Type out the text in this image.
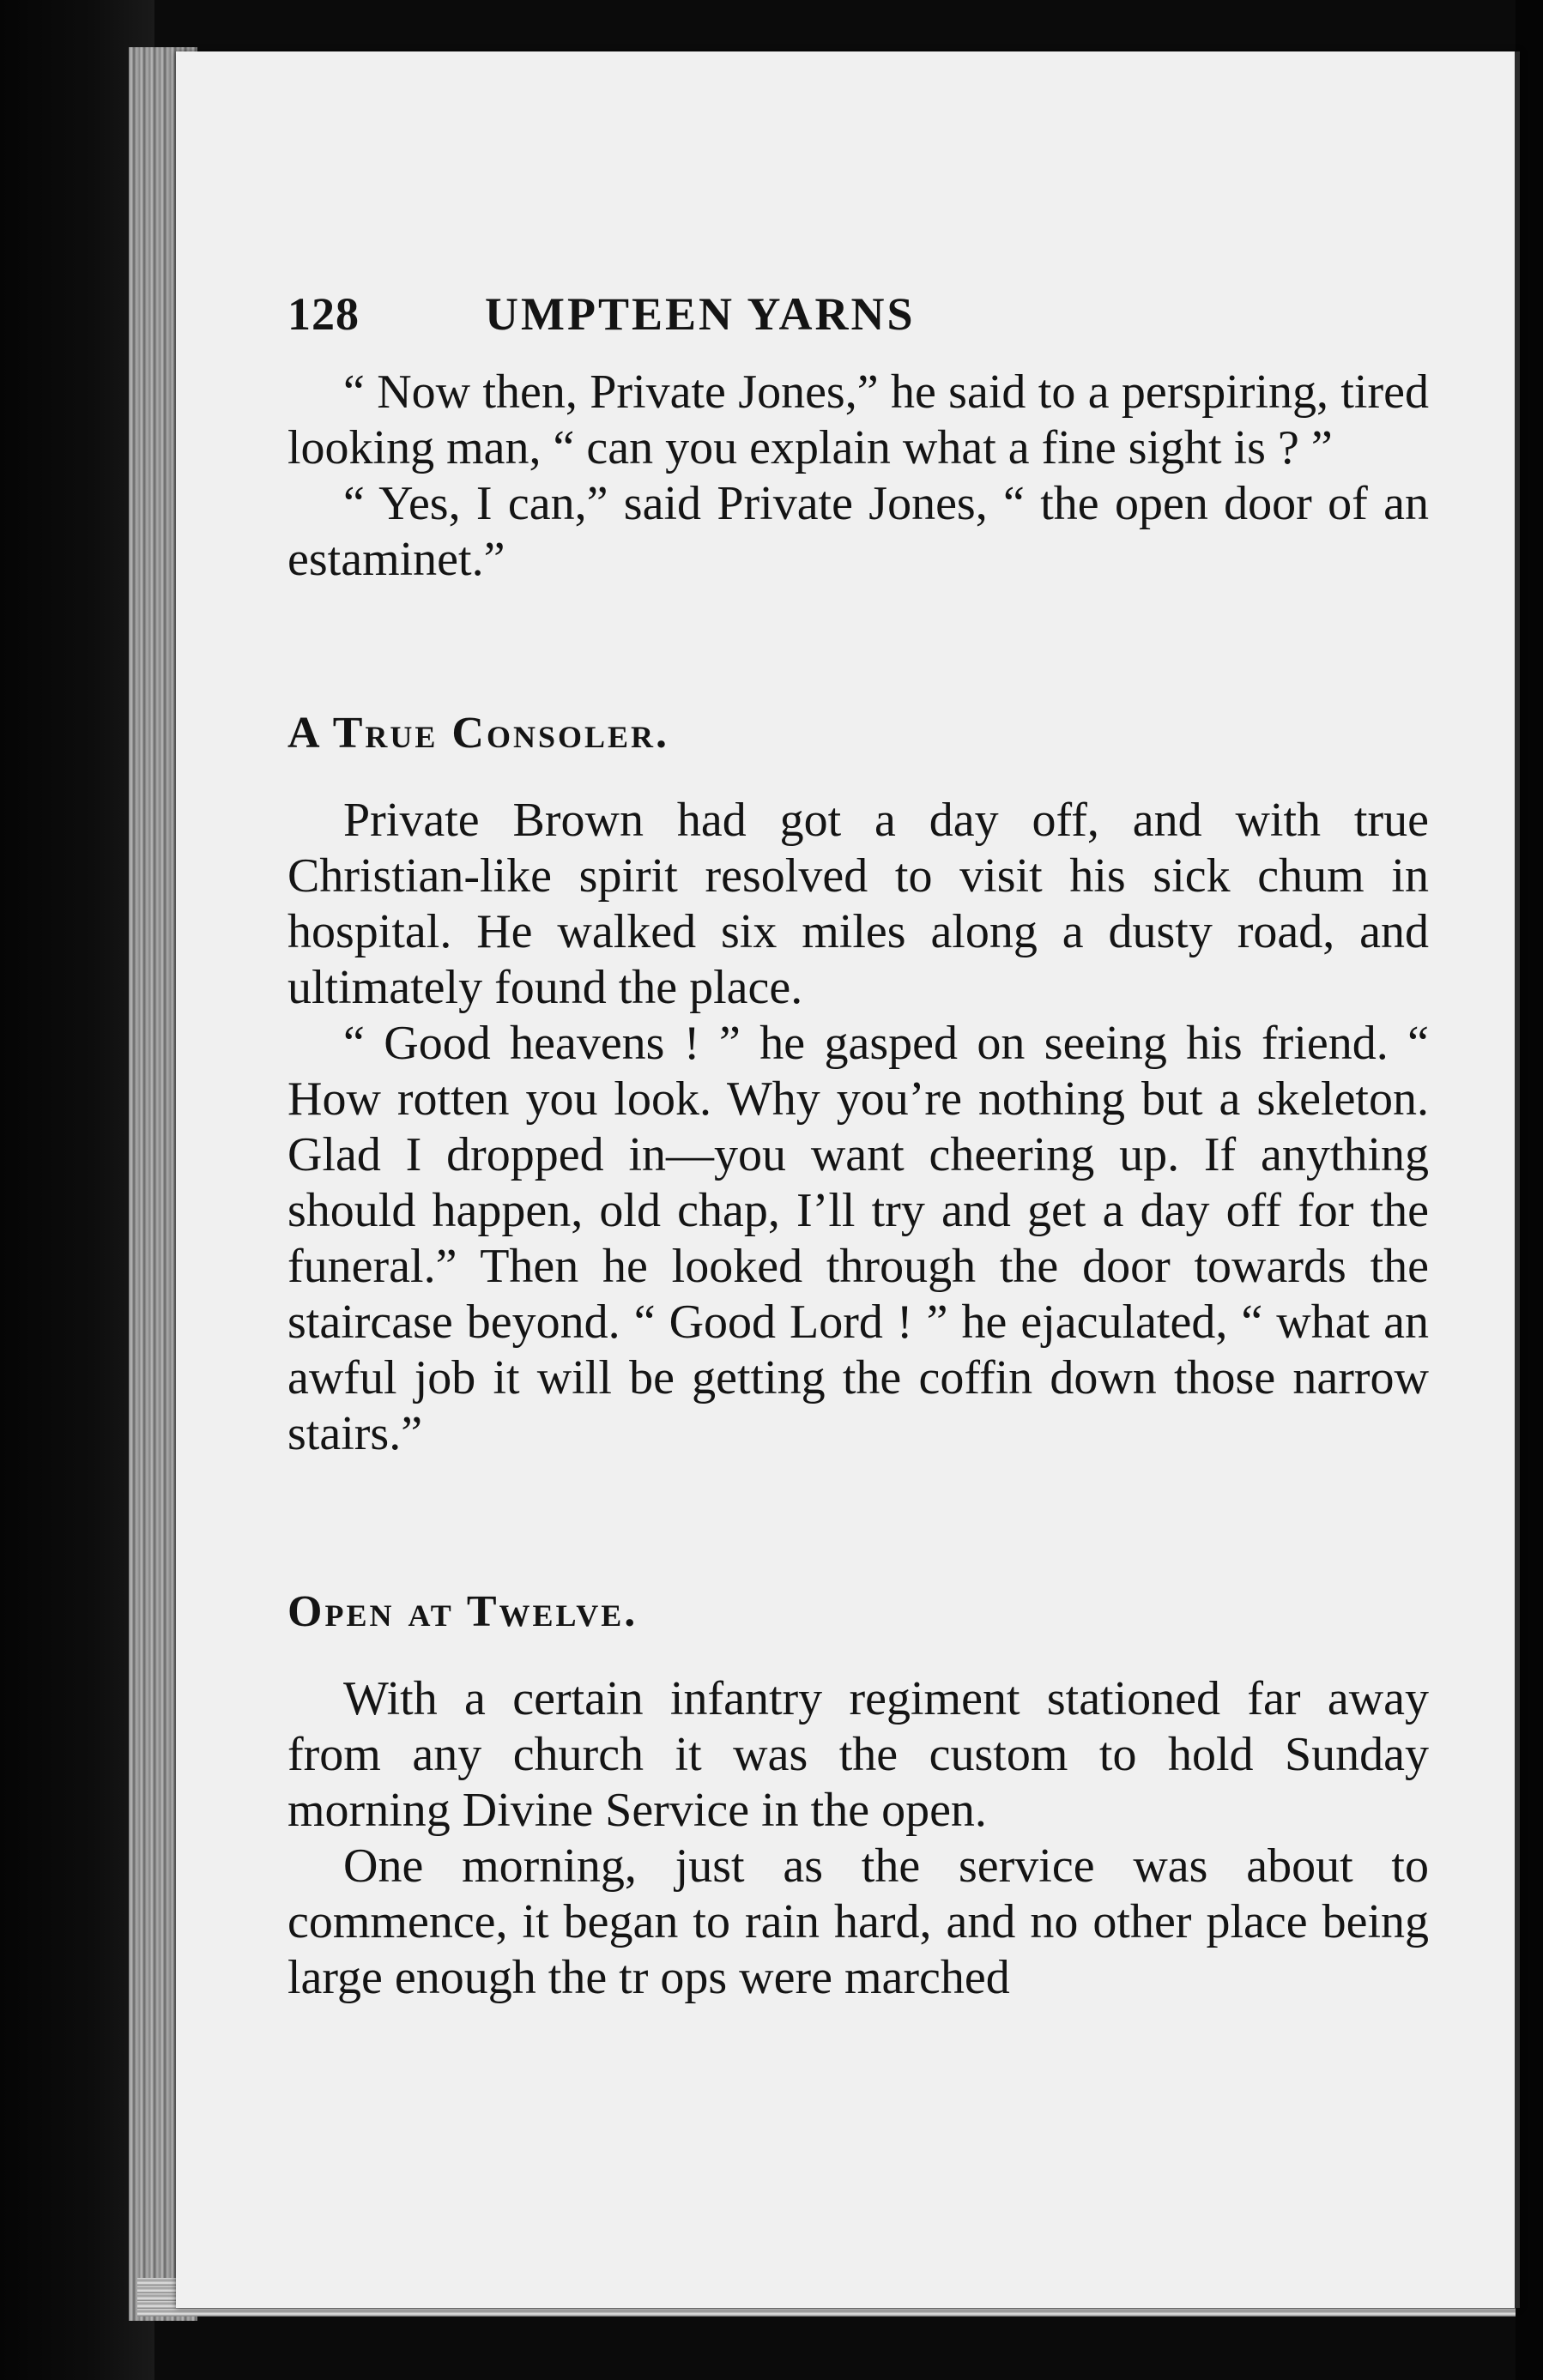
128	UMPTEEN YARNS

“ Now then, Private Jones,” he said to a perspiring, tired looking man, “ can you explain what a fine sight is ? ”

“ Yes, I can,” said Private Jones, “ the open door of an estaminet.”

A True Consoler.

Private Brown had got a day off, and with true Christian-like spirit resolved to visit his sick chum in hospital. He walked six miles along a dusty road, and ultimately found the place.

“ Good heavens ! ” he gasped on seeing his friend. “ How rotten you look. Why you’re nothing but a skeleton. Glad I dropped in—you want cheering up. If anything should happen, old chap, I’ll try and get a day off for the funeral.” Then he looked through the door towards the staircase beyond. “ Good Lord ! ” he ejaculated, “ what an awful job it will be getting the coffin down those narrow stairs.”

Open at Twelve.

With a certain infantry regiment stationed far away from any church it was the custom to hold Sunday morning Divine Service in the open.

One morning, just as the service was about to commence, it began to rain hard, and no other place being large enough the tr ops were marched
